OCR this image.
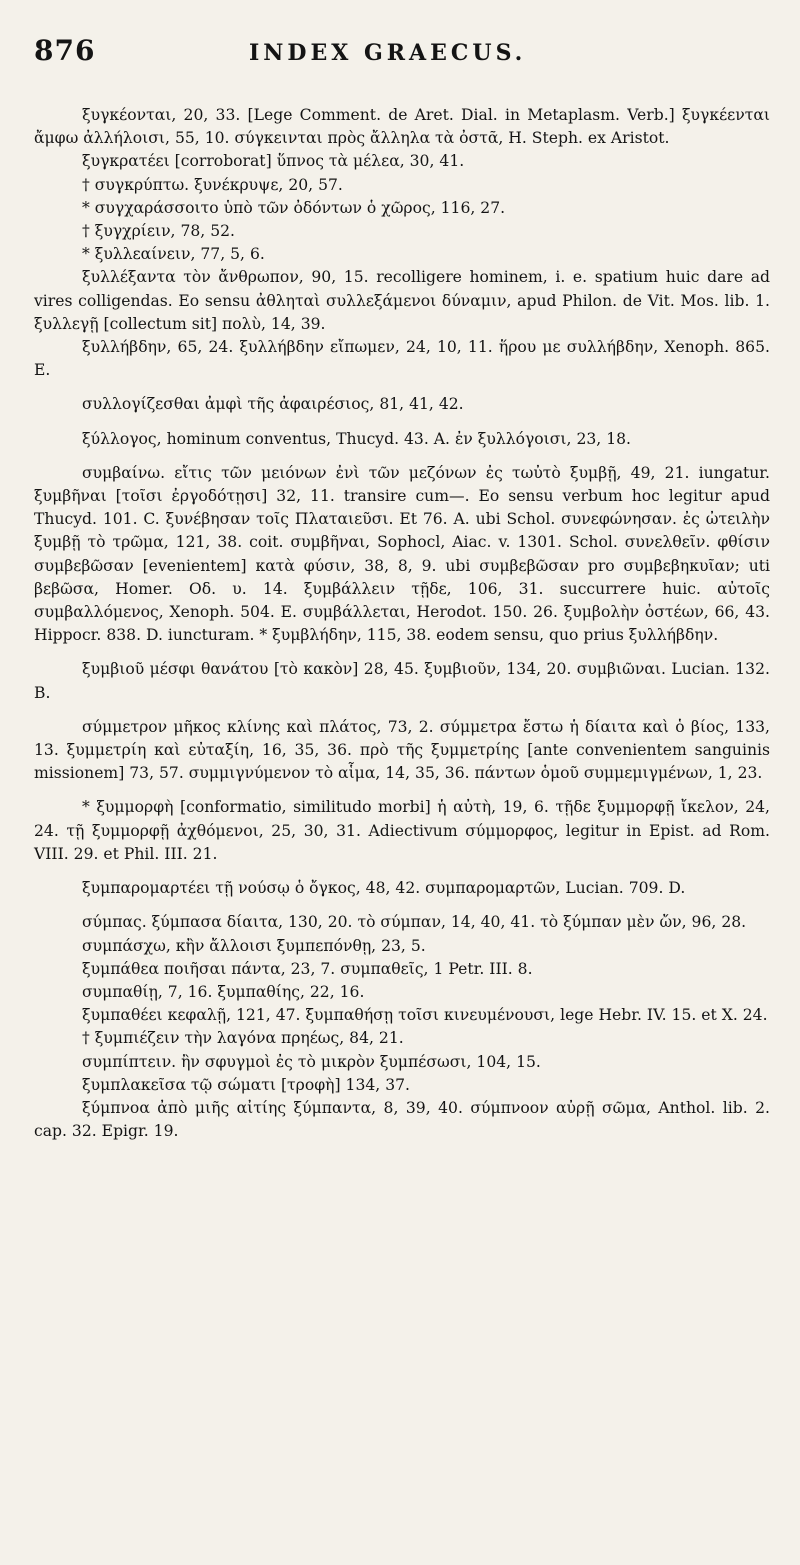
876	INDEX GRAECUS.

ξυγκέονται, 20, 33. [Lege Comment. de Aret. Dial. in Metaplasm. Verb.] ξυγκέενται ἄμφω ἀλλήλοισι, 55, 10. σύγκεινται πρὸς ἄλληλα τὰ ὀστᾶ, H. Steph. ex Aristot.

ξυγκρατέει [corroborat] ὕπνος τὰ μέλεα, 30, 41.

† συγκρύπτω. ξυνέκρυψε, 20, 57.

* συγχαράσσοιτο ὑπὸ τῶν ὀδόντων ὁ χῶρος, 116, 27.

† ξυγχρίειν, 78, 52.

* ξυλλεαίνειν, 77, 5, 6.

ξυλλέξαντα τὸν ἄνθρωπον, 90, 15. recolligere hominem, i. e. spatium huic dare ad vires colligendas. Eo sensu ἀθληταὶ συλλεξάμενοι δύναμιν, apud Philon. de Vit. Mos. lib. 1. ξυλλεγῇ [collectum sit] πολὺ, 14, 39.

ξυλλήβδην, 65, 24. ξυλλήβδην εἴπωμεν, 24, 10, 11. ἥρου με συλλήβδην, Xenoph. 865. E.

συλλογίζεσθαι ἀμφὶ τῆς ἀφαιρέσιος, 81, 41, 42.

ξύλλογος, hominum conventus, Thucyd. 43. A. ἐν ξυλλόγοισι, 23, 18.

συμβαίνω. εἴτις τῶν μειόνων ἐνὶ τῶν μεζόνων ἐς τωὐτὸ ξυμβῇ, 49, 21. iungatur. ξυμβῆναι [τοῖσι ἐργοδότῃσι] 32, 11. transire cum—. Eo sensu verbum hoc legitur apud Thucyd. 101. C. ξυνέβησαν τοῖς Πλαταιεῦσι. Et 76. A. ubi Schol. συνεφώνησαν. ἐς ὠτειλὴν ξυμβῇ τὸ τρῶμα, 121, 38. coit. συμβῆναι, Sophocl, Aiac. v. 1301. Schol. συνελθεῖν. φθίσιν συμβεβῶσαν [evenientem] κατὰ φύσιν, 38, 8, 9. ubi συμβεβῶσαν pro συμβεβηκυῖαν; uti βεβῶσα, Homer. Οδ. υ. 14. ξυμβάλλειν τῇδε, 106, 31. succurrere huic. αὐτοῖς συμβαλλόμενος, Xenoph. 504. E. συμβάλλεται, Herodot. 150. 26. ξυμβολὴν ὀστέων, 66, 43. Hippocr. 838. D. iuncturam. * ξυμβλήδην, 115, 38. eodem sensu, quo prius ξυλλήβδην.

ξυμβιοῦ μέσφι θανάτου [τὸ κακὸν] 28, 45. ξυμβιοῦν, 134, 20. συμβιῶναι. Lucian. 132. B.

σύμμετρον μῆκος κλίνης καὶ πλάτος, 73, 2. σύμμετρα ἔστω ἡ δίαιτα καὶ ὁ βίος, 133, 13. ξυμμετρίη καὶ εὐταξίη, 16, 35, 36. πρὸ τῆς ξυμμετρίης [ante convenientem sanguinis missionem] 73, 57. συμμιγνύμενον τὸ αἷμα, 14, 35, 36. πάντων ὁμοῦ συμμεμιγμένων, 1, 23.

* ξυμμορφὴ [conformatio, similitudo morbi] ἡ αὐτὴ, 19, 6. τῇδε ξυμμορφῇ ἴκελον, 24, 24. τῇ ξυμμορφῇ ἀχθόμενοι, 25, 30, 31. Adiectivum σύμμορφος, legitur in Epist. ad Rom. VIII. 29. et Phil. III. 21.

ξυμπαρομαρτέει τῇ νούσῳ ὁ ὄγκος, 48, 42. συμπαρομαρτῶν, Lucian. 709. D.

σύμπας. ξύμπασα δίαιτα, 130, 20. τὸ σύμπαν, 14, 40, 41. τὸ ξύμπαν μὲν ὤν, 96, 28.

συμπάσχω, κἢν ἄλλοισι ξυμπεπόνθῃ, 23, 5.

ξυμπάθεα ποιῆσαι πάντα, 23, 7. συμπαθεῖς, 1 Petr. III. 8.

συμπαθίῃ, 7, 16. ξυμπαθίης, 22, 16.

ξυμπαθέει κεφαλῇ, 121, 47. ξυμπαθήσῃ τοῖσι κινευμένουσι, lege Hebr. IV. 15. et X. 24.

† ξυμπιέζειν τὴν λαγόνα πρηέως, 84, 21.

συμπίπτειν. ἢν σφυγμοὶ ἐς τὸ μικρὸν ξυμπέσωσι, 104, 15.

ξυμπλακεῖσα τῷ σώματι [τροφὴ] 134, 37.

ξύμπνοα ἀπὸ μιῆς αἰτίης ξύμπαντα, 8, 39, 40. σύμπνοον αὐρῇ σῶμα, Anthol. lib. 2. cap. 32. Epigr. 19.
